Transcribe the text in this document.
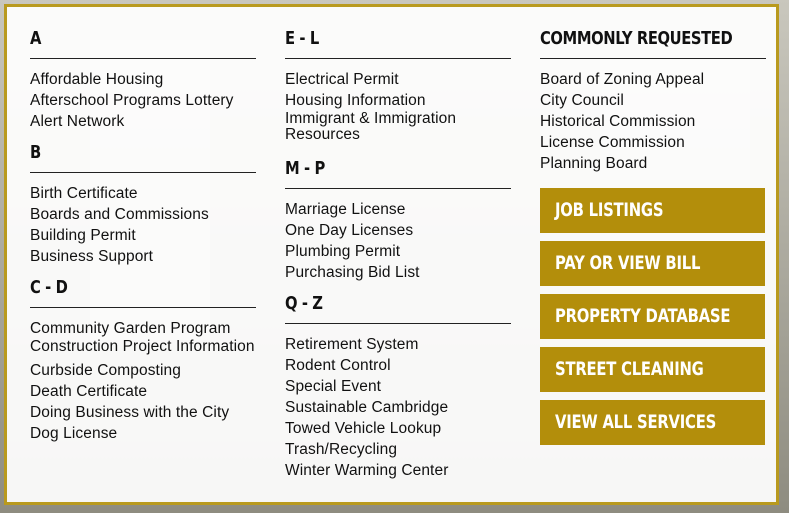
A
Affordable Housing
Afterschool Programs Lottery
Alert Network
B
Birth Certificate
Boards and Commissions
Building Permit
Business Support
C - D
Community Garden Program
Construction Project Information
Curbside Composting
Death Certificate
Doing Business with the City
Dog License
E - L
Electrical Permit
Housing Information
Immigrant & Immigration Resources
M - P
Marriage License
One Day Licenses
Plumbing Permit
Purchasing Bid List
Q - Z
Retirement System
Rodent Control
Special Event
Sustainable Cambridge
Towed Vehicle Lookup
Trash/Recycling
Winter Warming Center
COMMONLY REQUESTED
Board of Zoning Appeal
City Council
Historical Commission
License Commission
Planning Board
JOB LISTINGS
PAY OR VIEW BILL
PROPERTY DATABASE
STREET CLEANING
VIEW ALL SERVICES
